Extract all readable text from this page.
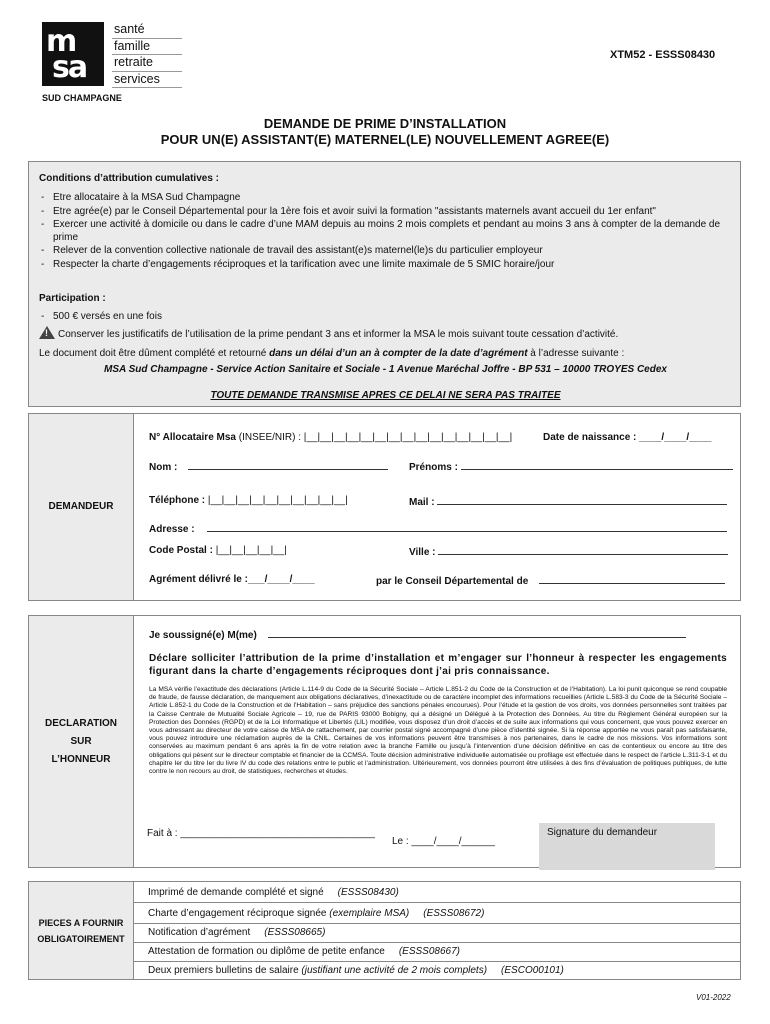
m
sa
santé
famille
retraite
services
SUD CHAMPAGNE
XTM52 - ESSS08430
DEMANDE DE PRIME D’INSTALLATION
POUR UN(E) ASSISTANT(E) MATERNEL(LE) NOUVELLEMENT AGREE(E)
Conditions d’attribution cumulatives :
- Etre allocataire à la MSA Sud Champagne
- Etre agrée(e) par le Conseil Départemental pour la 1ère fois et avoir suivi la formation "assistants maternels avant accueil du 1er enfant"
- Exercer une activité à domicile ou dans le cadre d’une MAM depuis au moins 2 mois complets et pendant au moins 3 ans à compter de la demande de prime
- Relever de la convention collective nationale de travail des assistant(e)s maternel(le)s du particulier employeur
- Respecter la charte d’engagements réciproques et la tarification avec une limite maximale de 5 SMIC horaire/jour
Participation :
- 500 € versés en une fois
!Conserver les justificatifs de l’utilisation de la prime pendant 3 ans et informer la MSA le mois suivant toute cessation d’activité.
Le document doit être dûment complété et retourné dans un délai d’un an à compter de la date d’agrément à l’adresse suivante :
MSA Sud Champagne - Service Action Sanitaire et Sociale - 1 Avenue Maréchal Joffre - BP 531 – 10000 TROYES Cedex
TOUTE DEMANDE TRANSMISE APRES CE DELAI NE SERA PAS TRAITEE
DEMANDEUR
N° Allocataire Msa (INSEE/NIR) : |__|__|__|__|__|__|__|__|__|__|__|__|__|__|__|	Date de naissance : ____/____/____
Nom :	Prénoms :
Téléphone : |__|__|__|__|__|__|__|__|__|__|	Mail :
Adresse :
Code Postal : |__|__|__|__|__|	Ville :
Agrément délivré le :___/____/____	par le Conseil Départemental de
DECLARATION
SUR
L’HONNEUR
Je soussigné(e) M(me)
Déclare solliciter l’attribution de la prime d’installation et m’engager sur l’honneur à respecter les engagements figurant dans la charte d’engagements réciproques dont j’ai pris connaissance.
La MSA vérifie l’exactitude des déclarations (Article L.114-9 du Code de la Sécurité Sociale – Article L.851-2 du Code de la Construction et de l’Habitation). La loi punit quiconque se rend coupable de fraude, de fausse déclaration, de manquement aux obligations déclaratives, d’inexactitude ou de caractère incomplet des informations recueillies (Article L.583-3 du Code de la Sécurité Sociale – Article L.852-1 du Code de la Construction et de l’Habitation – sans préjudice des sanctions pénales encourues). Pour l’étude et la gestion de vos droits, vos données personnelles sont traitées par la Caisse Centrale de Mutualité Sociale Agricole – 19, rue de PARIS 93000 Bobigny, qui a désigné un Délégué à la Protection des Données. Au titre du Règlement Général européen sur la Protection des Données (RGPD) et de la Loi Informatique et Libertés (LIL) modifiée, vous disposez d’un droit d’accès et de suite aux informations qui vous concernent, que vous pouvez exercer en vous adressant au directeur de votre caisse de MSA de rattachement, par courrier postal signé accompagné d’une pièce d’identité signée. Si la réponse apportée ne vous paraît pas satisfaisante, vous pouvez introduire une réclamation auprès de la CNIL. Certaines de vos informations peuvent être transmises à nos partenaires, dans le cadre de nos missions. Vos informations sont conservées au maximum pendant 6 ans après la fin de votre relation avec la branche Famille ou jusqu’à l’intervention d’une décision définitive en cas de contentieux ou encore au titre des obligations qui pèsent sur le directeur comptable et financier de la CCMSA. Toute décision administrative individuelle automatisée ou profilage est effectuée dans le respect de l’article L.311-3-1 et du chapitre Ier du titre Ier du livre IV du code des relations entre le public et l’administration. Ultérieurement, vos données pourront être utilisées à des fins d’évaluation de politiques publiques, de lutte contre le non recours au droit, de statistiques, recherches et études.
Fait à : ___________________________________
Le : ____/____/______
Signature du demandeur
PIECES A FOURNIR
OBLIGATOIREMENT
Imprimé de demande complété et signé (ESSS08430)
Charte d’engagement réciproque signée (exemplaire MSA) (ESSS08672)
Notification d’agrément (ESSS08665)
Attestation de formation ou diplôme de petite enfance (ESSS08667)
Deux premiers bulletins de salaire (justifiant une activité de 2 mois complets) (ESCO00101)
V01-2022
